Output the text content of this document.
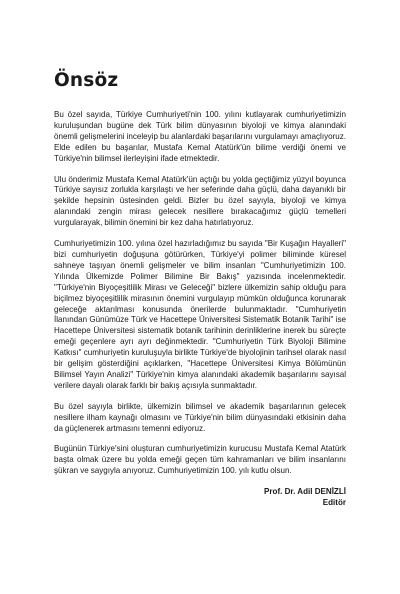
Önsöz

Bu özel sayıda, Türkiye Cumhuriyeti'nin 100. yılını kutlayarak cumhuriyetimizin kuruluşundan bugüne dek Türk bilim dünyasının biyoloji ve kimya alanındaki önemli gelişmelerini inceleyip bu alanlardaki başarılarını vurgulamayı amaçlıyoruz. Elde edilen bu başarılar, Mustafa Kemal Atatürk'ün bilime verdiği önemi ve Türkiye'nin bilimsel ilerleyişini ifade etmektedir.

Ulu önderimiz Mustafa Kemal Atatürk'ün açtığı bu yolda geçtiğimiz yüzyıl boyunca Türkiye sayısız zorlukla karşılaştı ve her seferinde daha güçlü, daha dayanıklı bir şekilde hepsinin üstesinden geldi. Bizler bu özel sayıyla, biyoloji ve kimya alanındaki zengin mirası gelecek nesillere bırakacağımız güçlü temelleri vurgularayak, bilimin önemini bir kez daha hatırlatıyoruz.

Cumhuriyetimizin 100. yılına özel hazırladığımız bu sayıda "Bir Kuşağın Hayalleri" bizi cumhuriyetin doğuşuna götürürken, Türkiye'yi polimer biliminde küresel sahneye taşıyan önemli gelişmeler ve bilim insanları "Cumhuriyetimizin 100. Yılında Ülkemizde Polimer Bilimine Bir Bakış" yazısında incelenmektedir. "Türkiye'nin Biyoçeşitlilik Mirası ve Geleceği" bizlere ülkemizin sahip olduğu para biçilmez biyoçeşitlilik mirasının önemini vurgulayıp mümkün olduğunca korunarak geleceğe aktarılması konusunda önerilerde bulunmaktadır. "Cumhuriyetin İlanından Günümüze Türk ve Hacettepe Üniversitesi Sistematik Botanik Tarihi" ise Hacettepe Üniversitesi sistematik botanik tarihinin derinliklerine inerek bu süreçte emeği geçenlere ayrı ayrı değinmektedir. "Cumhuriyetin Türk Biyoloji Bilimine Katkısı" cumhuriyetin kuruluşuyla birlikte Türkiye'de biyolojinin tarihsel olarak nasıl bir gelişim gösterdiğini açıklarken, "Hacettepe Üniversitesi Kimya Bölümünün Bilimsel Yayın Analizi" Türkiye'nin kimya alanındaki akademik başarılarını sayısal verilere dayalı olarak farklı bir bakış açısıyla sunmaktadır.

Bu özel sayıyla birlikte, ülkemizin bilimsel ve akademik başarılarının gelecek nesillere ilham kaynağı olmasını ve Türkiye'nin bilim dünyasındaki etkisinin daha da güçlenerek artmasını temenni ediyoruz.

Bugünün Türkiye'sini oluşturan cumhuriyetimizin kurucusu Mustafa Kemal Atatürk başta olmak üzere bu yolda emeği geçen tüm kahramanları ve bilim insanlarını şükran ve saygıyla anıyoruz. Cumhuriyetimizin 100. yılı kutlu olsun.

Prof. Dr. Adil DENİZLİ
Editör
